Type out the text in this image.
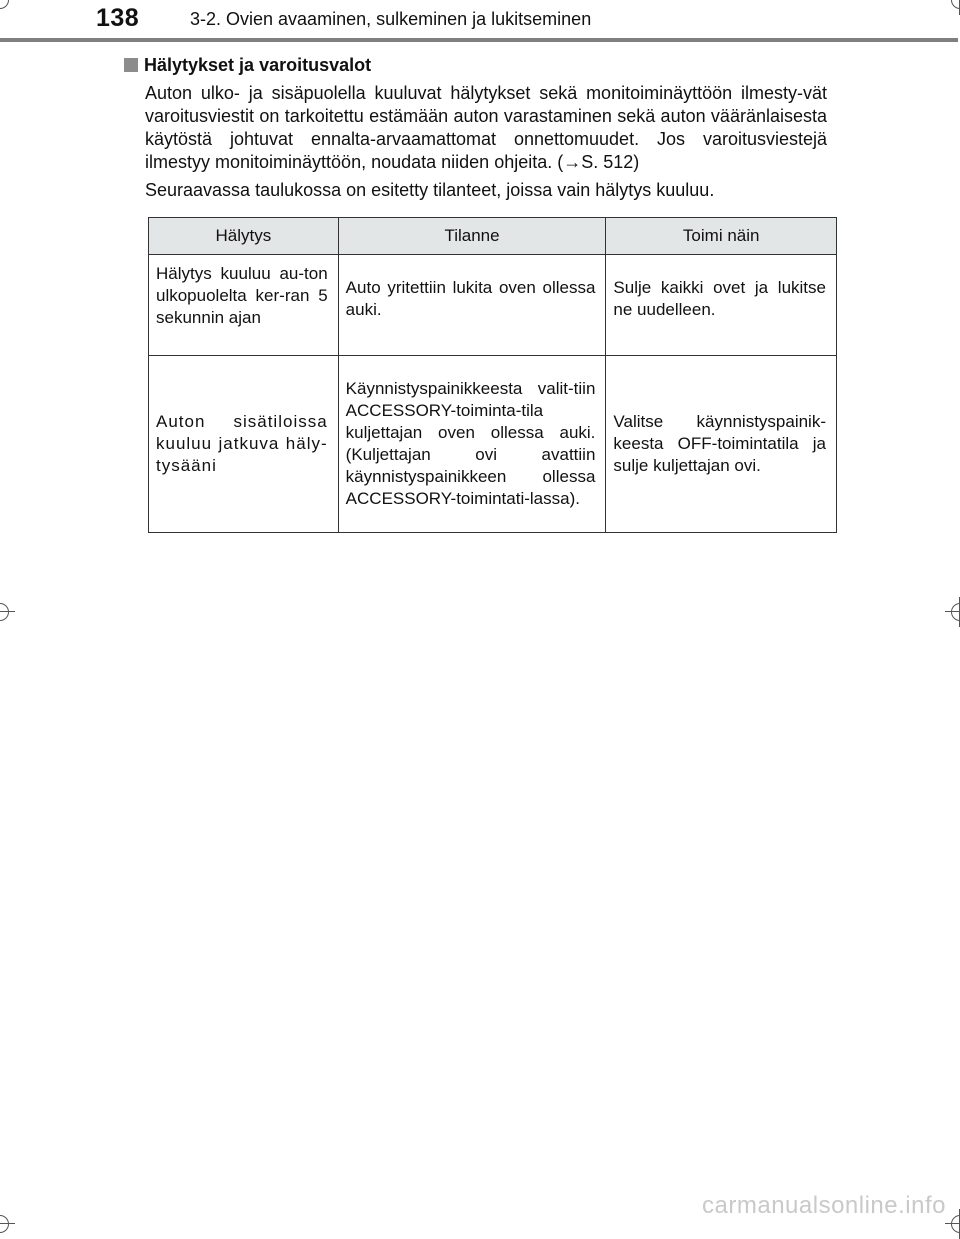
138	3-2. Ovien avaaminen, sulkeminen ja lukitseminen
Hälytykset ja varoitusvalot

Auton ulko- ja sisäpuolella kuuluvat hälytykset sekä monitoiminäyttöön ilmesty-vät varoitusviestit on tarkoitettu estämään auton varastaminen sekä auton vääränlaisesta käytöstä johtuvat ennalta-arvaamattomat onnettomuudet. Jos varoitusviestejä ilmestyy monitoiminäyttöön, noudata niiden ohjeita. (→S. 512)

Seuraavassa taulukossa on esitetty tilanteet, joissa vain hälytys kuuluu.

Hälytys	Tilanne	Toimi näin
Hälytys kuuluu au-ton ulkopuolelta ker-ran 5 sekunnin ajan	Auto yritettiin lukita oven ollessa auki.	Sulje kaikki ovet ja lukitse ne uudelleen.
Auton sisätiloissa kuuluu jatkuva häly-tysääni	Käynnistyspainikkeesta valit-tiin ACCESSORY-toiminta-tila kuljettajan oven ollessa auki. (Kuljettajan ovi avattiin käynnistyspainikkeen ollessa ACCESSORY-toimintati-lassa).	Valitse käynnistyspainik-keesta OFF-toimintatila ja sulje kuljettajan ovi.
carmanualsonline.info
